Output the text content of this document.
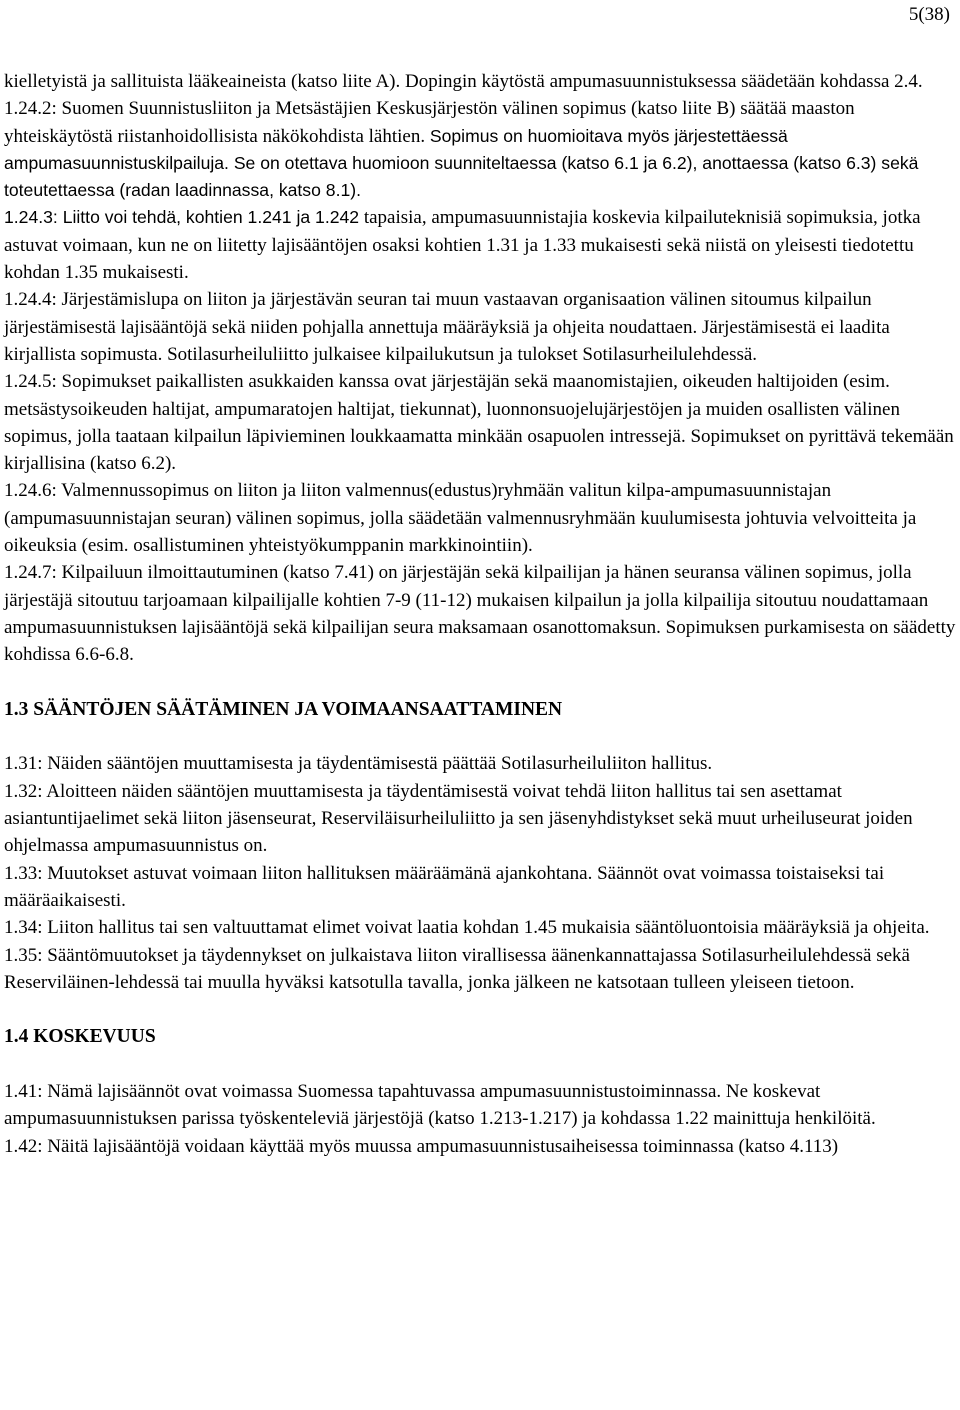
5(38)

kielletyistä ja sallituista lääkeaineista (katso liite A). Dopingin käytöstä ampumasuunnistuksessa säädetään kohdassa 2.4.

1.24.2: Suomen Suunnistusliiton ja Metsästäjien Keskusjärjestön välinen sopimus (katso liite B) säätää maaston yhteiskäytöstä riistanhoidollisista näkökohdista lähtien. Sopimus on huomioitava myös järjestettäessä ampumasuunnistuskilpailuja. Se on otettava huomioon suunniteltaessa (katso 6.1 ja 6.2), anottaessa (katso 6.3) sekä toteutettaessa (radan laadinnassa, katso 8.1).

1.24.3: Liitto voi tehdä, kohtien 1.241 ja 1.242 tapaisia, ampumasuunnistajia koskevia kilpailuteknisiä sopimuksia, jotka astuvat voimaan, kun ne on liitetty lajisääntöjen osaksi kohtien 1.31 ja 1.33 mukaisesti sekä niistä on yleisesti tiedotettu kohdan 1.35 mukaisesti.

1.24.4: Järjestämislupa on liiton ja järjestävän seuran tai muun vastaavan organisaation välinen sitoumus kilpailun järjestämisestä lajisääntöjä sekä niiden pohjalla annettuja määräyksiä ja ohjeita noudattaen. Järjestämisestä ei laadita kirjallista sopimusta. Sotilasurheiluliitto julkaisee kilpailukutsun ja tulokset Sotilasurheilulehdessä.

1.24.5: Sopimukset paikallisten asukkaiden kanssa ovat järjestäjän sekä maanomistajien, oikeuden haltijoiden (esim. metsästysoikeuden haltijat, ampumaratojen haltijat, tiekunnat), luonnonsuojelujärjestöjen ja muiden osallisten välinen sopimus, jolla taataan kilpailun läpivieminen loukkaamatta minkään osapuolen intressejä. Sopimukset on pyrittävä tekemään kirjallisina (katso 6.2).

1.24.6: Valmennussopimus on liiton ja liiton valmennus(edustus)ryhmään valitun kilpa-ampumasuunnistajan (ampumasuunnistajan seuran) välinen sopimus, jolla säädetään valmennusryhmään kuulumisesta johtuvia velvoitteita ja oikeuksia (esim. osallistuminen yhteistyökumppanin markkinointiin).

1.24.7: Kilpailuun ilmoittautuminen (katso 7.41) on järjestäjän sekä kilpailijan ja hänen seuransa välinen sopimus, jolla järjestäjä sitoutuu tarjoamaan kilpailijalle kohtien 7-9 (11-12) mukaisen kilpailun ja jolla kilpailija sitoutuu noudattamaan ampumasuunnistuksen lajisääntöjä sekä kilpailijan seura maksamaan osanottomaksun. Sopimuksen purkamisesta on säädetty kohdissa 6.6-6.8.

1.3 SÄÄNTÖJEN SÄÄTÄMINEN JA VOIMAANSAATTAMINEN

1.31: Näiden sääntöjen muuttamisesta ja täydentämisestä päättää Sotilasurheiluliiton hallitus.

1.32: Aloitteen näiden sääntöjen muuttamisesta ja täydentämisestä voivat tehdä liiton hallitus tai sen asettamat asiantuntijaelimet sekä liiton jäsenseurat, Reserviläisurheiluliitto ja sen jäsenyhdistykset sekä muut urheiluseurat joiden ohjelmassa ampumasuunnistus on.

1.33: Muutokset astuvat voimaan liiton hallituksen määräämänä ajankohtana. Säännöt ovat voimassa toistaiseksi tai määräaikaisesti.

1.34: Liiton hallitus tai sen valtuuttamat elimet voivat laatia kohdan 1.45 mukaisia sääntöluontoisia määräyksiä ja ohjeita.

1.35: Sääntömuutokset ja täydennykset on julkaistava liiton virallisessa äänenkannattajassa Sotilasurheilulehdessä sekä Reserviläinen-lehdessä tai muulla hyväksi katsotulla tavalla, jonka jälkeen ne katsotaan tulleen yleiseen tietoon.

1.4 KOSKEVUUS

1.41: Nämä lajisäännöt ovat voimassa Suomessa tapahtuvassa ampumasuunnistustoiminnassa. Ne koskevat ampumasuunnistuksen parissa työskenteleviä järjestöjä (katso 1.213-1.217) ja kohdassa 1.22 mainittuja henkilöitä.

1.42: Näitä lajisääntöjä voidaan käyttää myös muussa ampumasuunnistusaiheisessa toiminnassa (katso 4.113)
